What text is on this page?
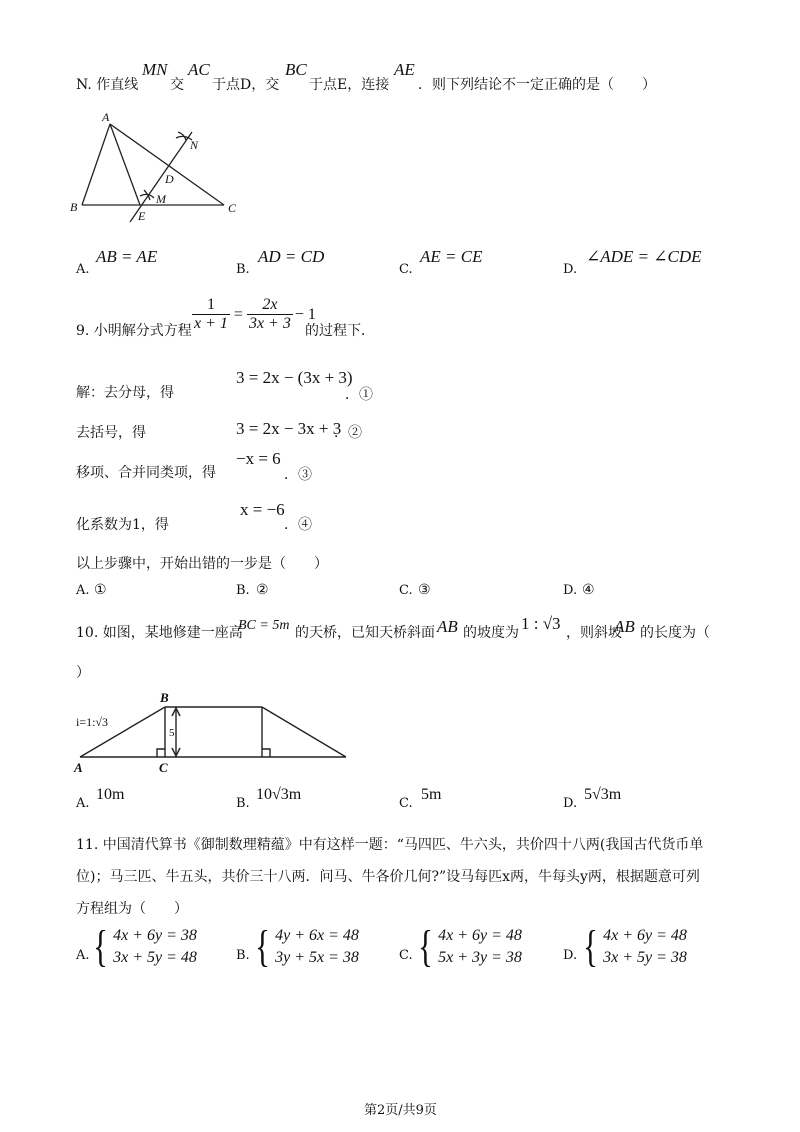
N. 作直线
MN
交
AC
于点D，交
BC
于点E，连接
AE
．则下列结论不一定正确的是（　　）
A
N
D
M
B
E
C
A.
AB = AE
B.
AD = CD
C.
AE = CE
D.
∠ADE = ∠CDE
9. 小明解分式方程 $\frac{1}{x + 1} = \frac{2x}{3x + 3} - 1$
的过程下．
解：去分母，得
3 = 2x − (3x + 3)
．①
去括号，得	3 = 2x − 3x + 3
．②
移项、合并同类项，得
−x = 6
．③
化系数为1，得
x = −6
．④
以上步骤中，开始出错的一步是（　　）
A. ①	B. ②	C. ③	D. ④
10. 如图，某地修建一座高
BC = 5m 的天桥，已知天桥斜面 AB 的坡度为 1 : √3 ，则斜坡
AB 的长度为（
）
B
A	C
i=1:√3
5
A.
10m
B.
10√3m
C.
5m
D.
5√3m
11. 中国清代算书《御制数理精蕴》中有这样一题：“马四匹、牛六头，共价四十八两(我国古代货币单
位)；马三匹、牛五头，共价三十八两．问马、牛各价几何?”设马每匹x两，牛每头y两，根据题意可列
方程组为（　　）
A. { 4x + 6y = 38
3x + 5y = 48	B. { 4y + 6x = 48
3y + 5x = 38	C. { 4x + 6y = 48
5x + 3y = 38	D. { 4x + 6y = 48
3x + 5y = 38
第2页/共9页
